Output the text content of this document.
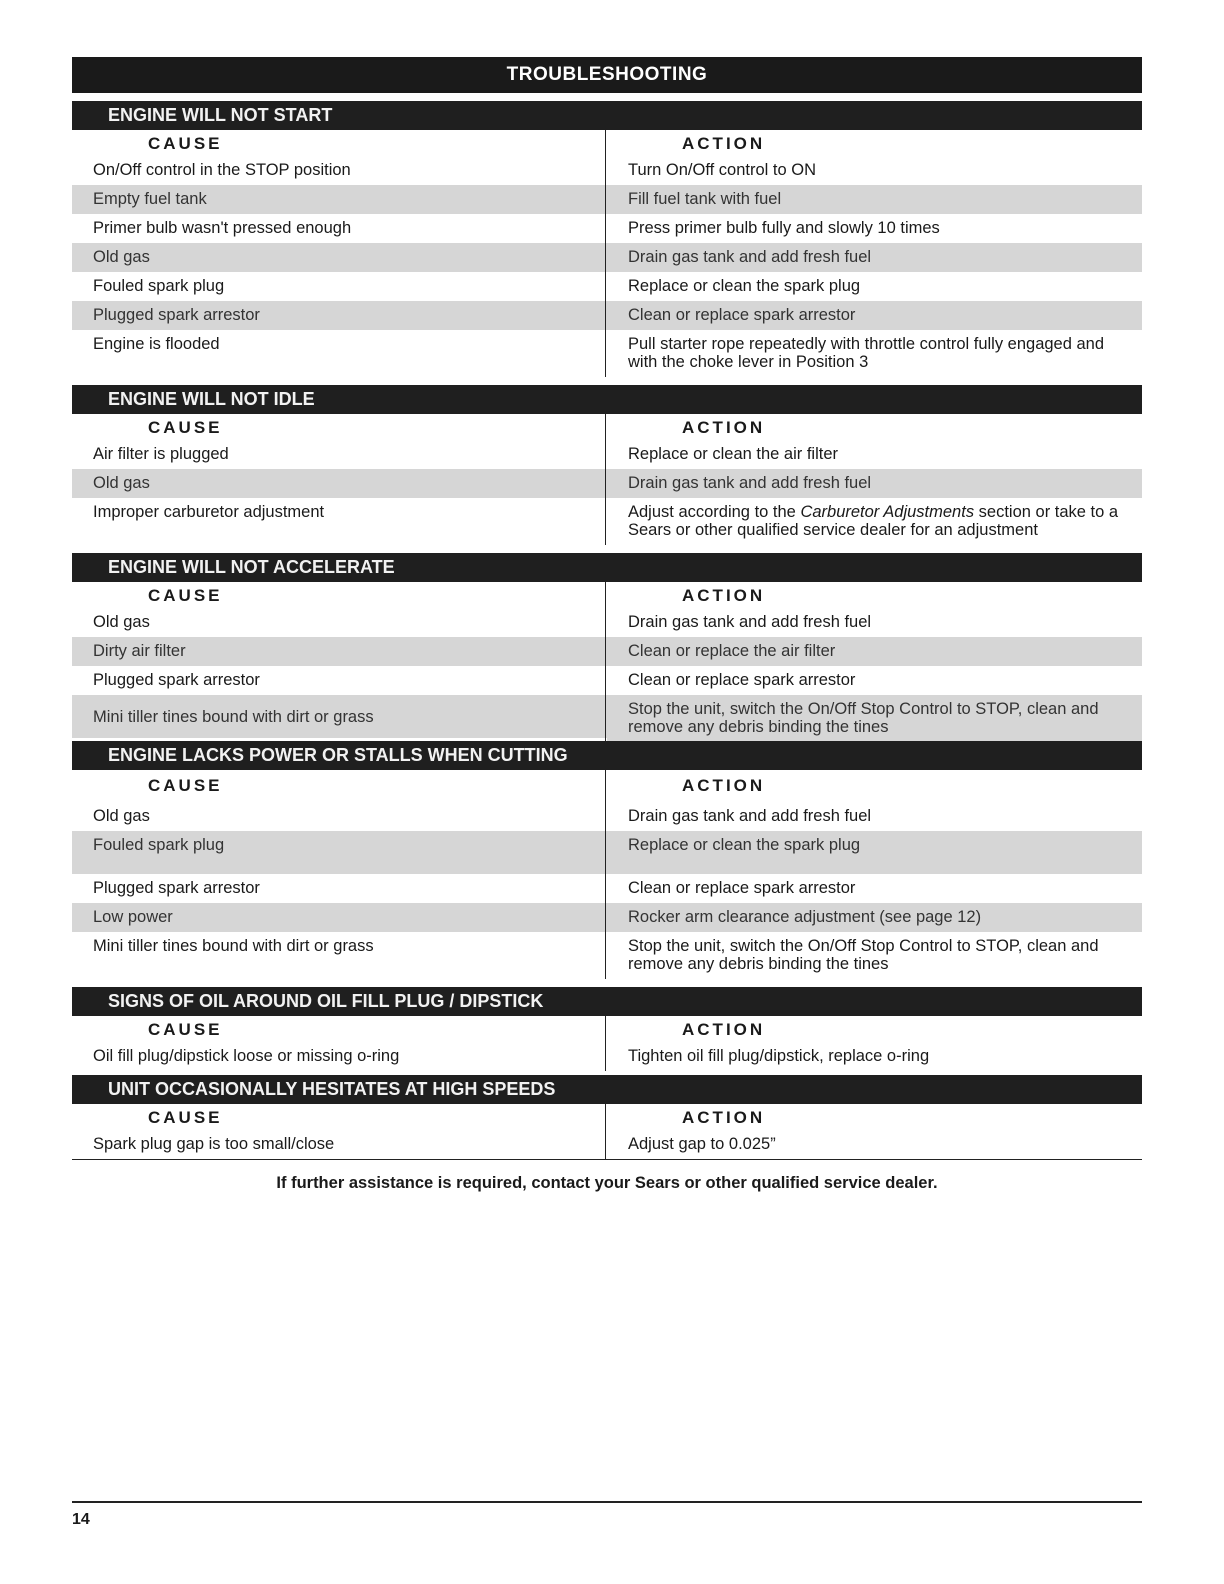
TROUBLESHOOTING
ENGINE WILL NOT START
CAUSE
On/Off control in the STOP position
Empty fuel tank
Primer bulb wasn't pressed enough
Old gas
Fouled spark plug
Plugged spark arrestor
Engine is flooded
ACTION
Turn On/Off control to ON
Fill fuel tank with fuel
Press primer bulb fully and slowly 10 times
Drain gas tank and add fresh fuel
Replace or clean the spark plug
Clean or replace spark arrestor
Pull starter rope repeatedly with throttle control fully engaged and with the choke lever in Position 3
ENGINE WILL NOT IDLE
CAUSE
Air filter is plugged
Old gas
Improper carburetor adjustment
ACTION
Replace or clean the air filter
Drain gas tank and add fresh fuel
Adjust according to the Carburetor Adjustments section or take to a Sears or other qualified service dealer for an adjustment
ENGINE WILL NOT ACCELERATE
CAUSE
Old gas
Dirty air filter
Plugged spark arrestor
Mini tiller tines bound with dirt or grass
ACTION
Drain gas tank and add fresh fuel
Clean or replace the air filter
Clean or replace spark arrestor
Stop the unit, switch the On/Off Stop Control to STOP, clean and remove any debris binding the tines
ENGINE LACKS POWER OR STALLS WHEN CUTTING
CAUSE
Old gas
Fouled spark plug
Plugged spark arrestor
Low power
Mini tiller tines bound with dirt or grass
ACTION
Drain gas tank and add fresh fuel
Replace or clean the spark plug
Clean or replace spark arrestor
Rocker arm clearance adjustment (see page 12)
Stop the unit, switch the On/Off Stop Control to STOP, clean and remove any debris binding the tines
SIGNS OF OIL AROUND OIL FILL PLUG / DIPSTICK
CAUSE
Oil fill plug/dipstick loose or missing o-ring
ACTION
Tighten oil fill plug/dipstick, replace o-ring
UNIT OCCASIONALLY HESITATES AT HIGH SPEEDS
CAUSE
Spark plug gap is too small/close
ACTION
Adjust gap to 0.025”
If further assistance is required, contact your Sears or other qualified service dealer.
14
